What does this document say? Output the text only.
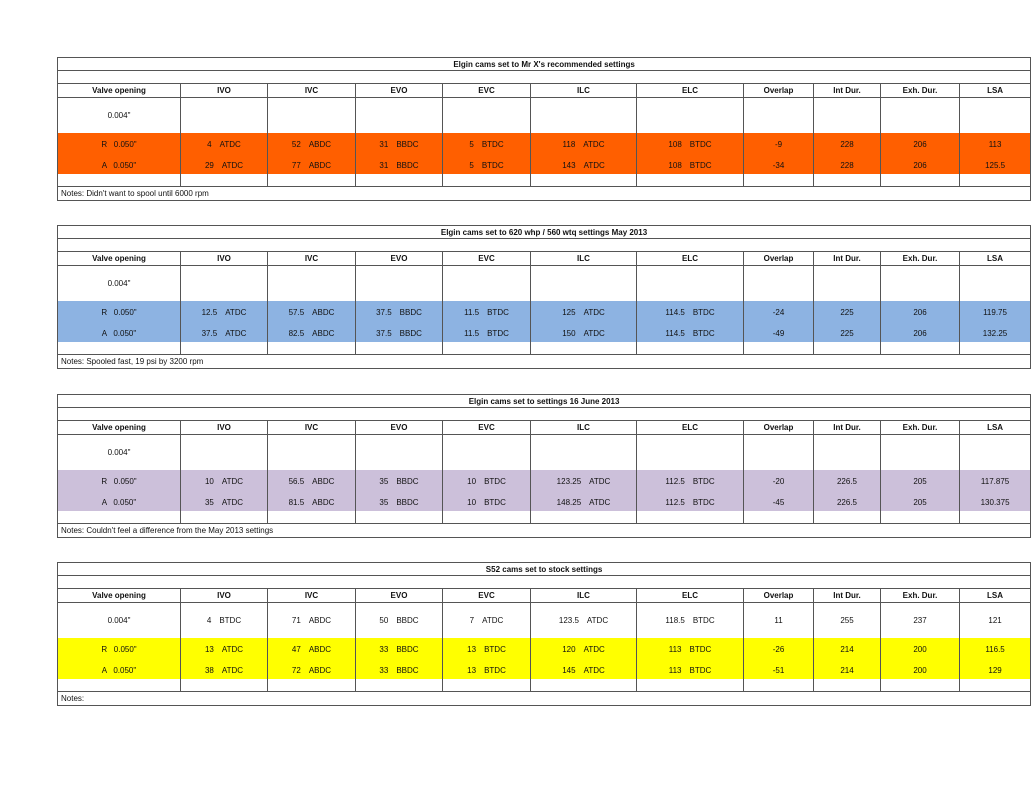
Elgin cams set to Mr X's recommended settings										

Valve opening	IVO	IVC	EVO	EVC	ILC	ELC	Overlap	Int Dur.	Exh. Dur.	LSA
0.004"										
R   0.050"	4 ATDC	52 ABDC	31 BBDC	5 BTDC	118 ATDC	108 BTDC	-9	228	206	113
A   0.050"	29 ATDC	77 ABDC	31 BBDC	5 BTDC	143 ATDC	108 BTDC	-34	228	206	125.5

Notes: Didn't want to spool until 6000 rpm										
Elgin cams set to 620 whp / 560 wtq settings May 2013										

Valve opening	IVO	IVC	EVO	EVC	ILC	ELC	Overlap	Int Dur.	Exh. Dur.	LSA
0.004"										
R   0.050"	12.5 ATDC	57.5 ABDC	37.5 BBDC	11.5 BTDC	125 ATDC	114.5 BTDC	-24	225	206	119.75
A   0.050"	37.5 ATDC	82.5 ABDC	37.5 BBDC	11.5 BTDC	150 ATDC	114.5 BTDC	-49	225	206	132.25

Notes: Spooled fast, 19 psi by 3200 rpm										
Elgin cams set to settings 16 June 2013										

Valve opening	IVO	IVC	EVO	EVC	ILC	ELC	Overlap	Int Dur.	Exh. Dur.	LSA
0.004"										
R   0.050"	10 ATDC	56.5 ABDC	35 BBDC	10 BTDC	123.25 ATDC	112.5 BTDC	-20	226.5	205	117.875
A   0.050"	35 ATDC	81.5 ABDC	35 BBDC	10 BTDC	148.25 ATDC	112.5 BTDC	-45	226.5	205	130.375

Notes: Couldn't feel a difference from the May 2013 settings										
S52 cams set to stock settings										

Valve opening	IVO	IVC	EVO	EVC	ILC	ELC	Overlap	Int Dur.	Exh. Dur.	LSA
0.004"	4 BTDC	71 ABDC	50 BBDC	7 ATDC	123.5 ATDC	118.5 BTDC	11	255	237	121
R   0.050"	13 ATDC	47 ABDC	33 BBDC	13 BTDC	120 ATDC	113 BTDC	-26	214	200	116.5
A   0.050"	38 ATDC	72 ABDC	33 BBDC	13 BTDC	145 ATDC	113 BTDC	-51	214	200	129

Notes:										
